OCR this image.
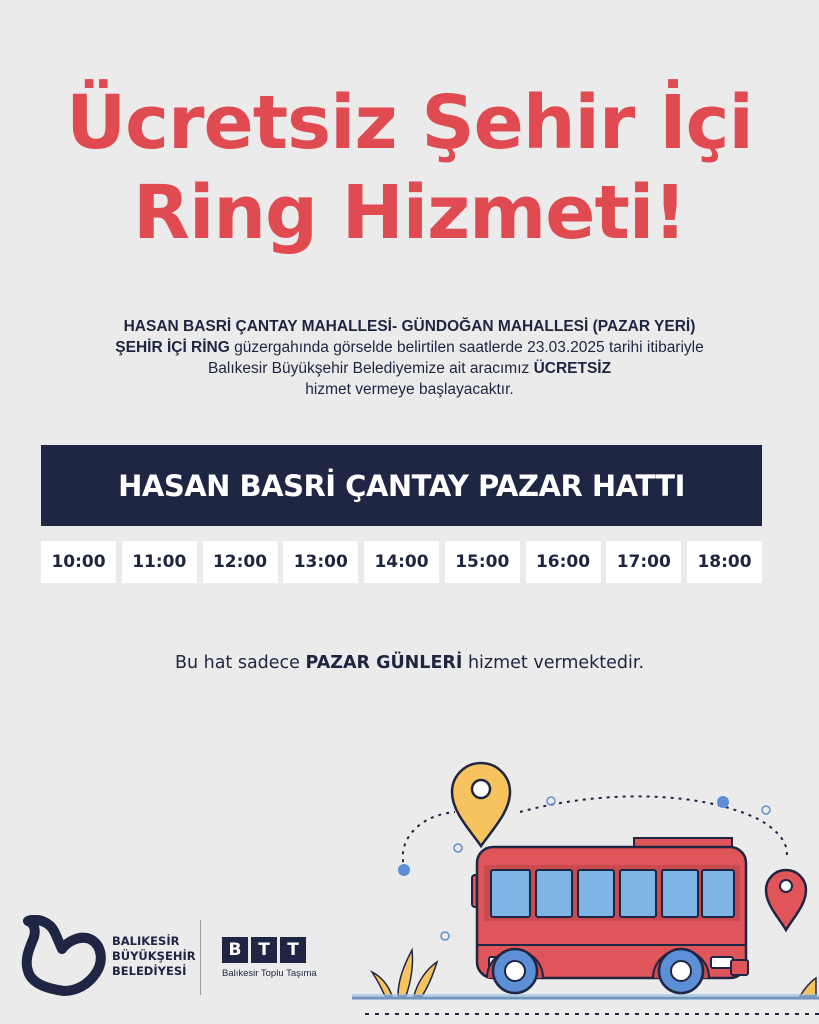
Ücretsiz Şehir İçi
Ring Hizmeti!
HASAN BASRİ ÇANTAY MAHALLESİ- GÜNDOĞAN MAHALLESİ (PAZAR YERİ)
ŞEHİR İÇİ RİNG güzergahında görselde belirtilen saatlerde 23.03.2025 tarihi itibariyle
Balıkesir Büyükşehir Belediyemize ait aracımız ÜCRETSİZ
hizmet vermeye başlayacaktır.
HASAN BASRİ ÇANTAY PAZAR HATTI
10:00	11:00	12:00	13:00	14:00	15:00	16:00	17:00	18:00
Bu hat sadece PAZAR GÜNLERİ hizmet vermektedir.
BALIKESİR
BÜYÜKŞEHİR
BELEDİYESİ
B T	T
Balıkesir Toplu Taşıma
